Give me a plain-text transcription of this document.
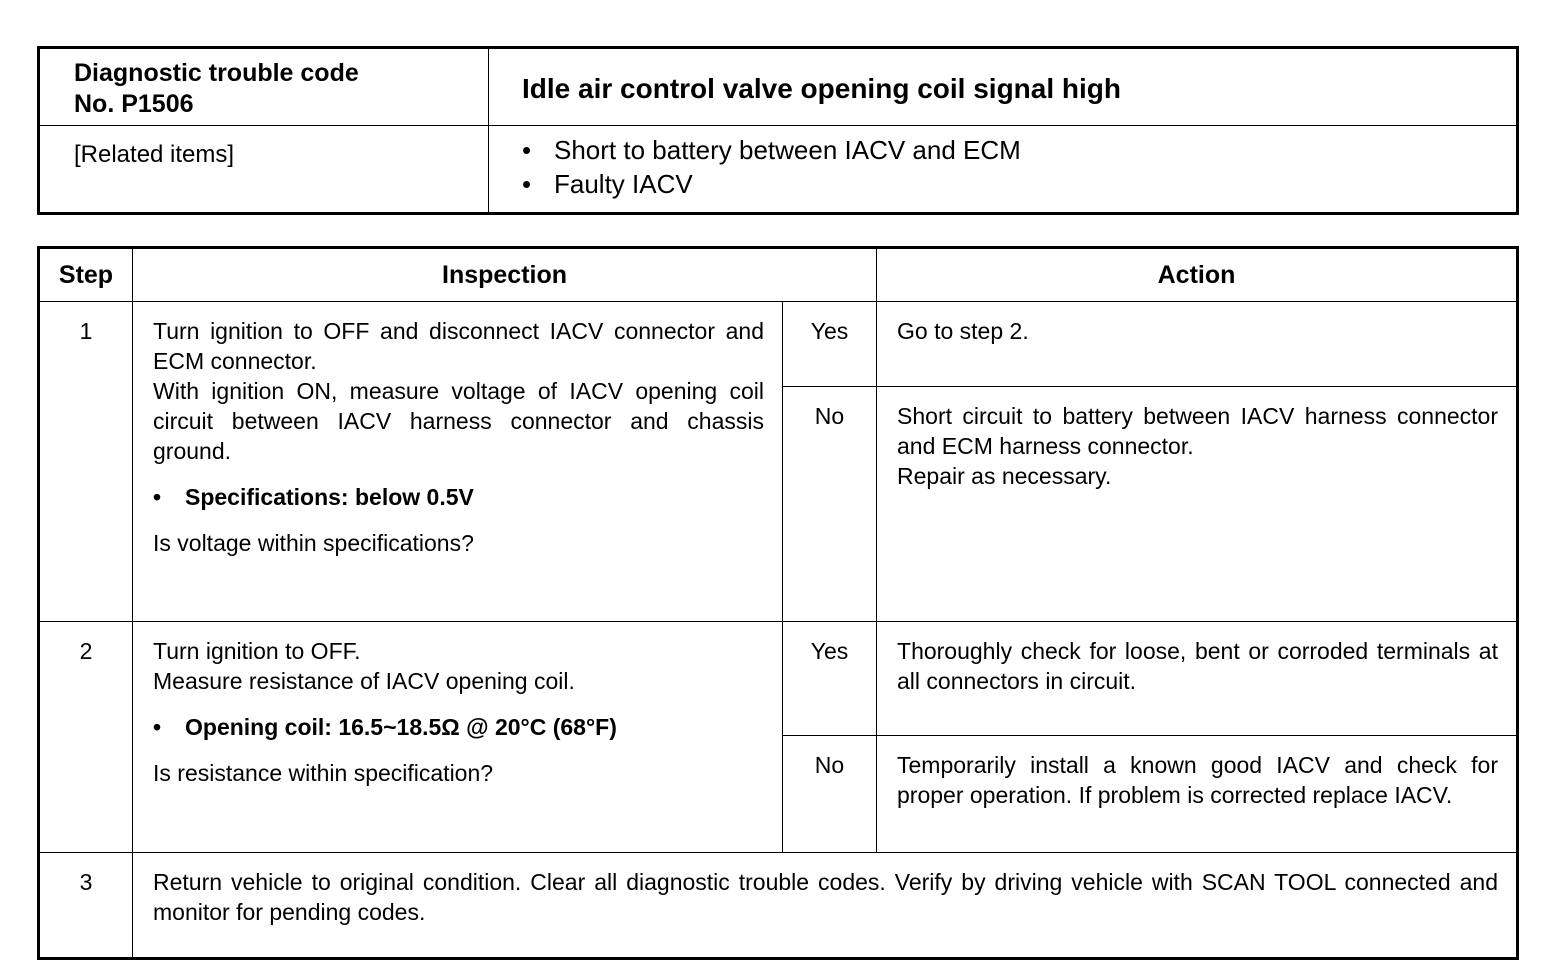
Diagnostic trouble code
No. P1506	Idle air control valve opening coil signal high

[Related items]	• Short to battery between IACV and ECM
• Faulty IACV
Step	Inspection		Action
1	Turn ignition to OFF and disconnect IACV connector and ECM connector.

With ignition ON, measure voltage of IACV opening coil circuit between IACV harness connector and chassis ground.

• Specifications: below 0.5V

Is voltage within specifications?	Yes	Go to step 2.

		No	Short circuit to battery between IACV harness connector and ECM harness connector.

Repair as necessary.

2	Turn ignition to OFF.

Measure resistance of IACV opening coil.

• Opening coil: 16.5~18.5Ω @ 20°C (68°F)

Is resistance within specification?	Yes	Thoroughly check for loose, bent or corroded terminals at all connectors in circuit.

		No	Temporarily install a known good IACV and check for proper operation. If problem is corrected replace IACV.

3	Return vehicle to original condition. Clear all diagnostic trouble codes. Verify by driving vehicle with SCAN TOOL connected and monitor for pending codes.		
